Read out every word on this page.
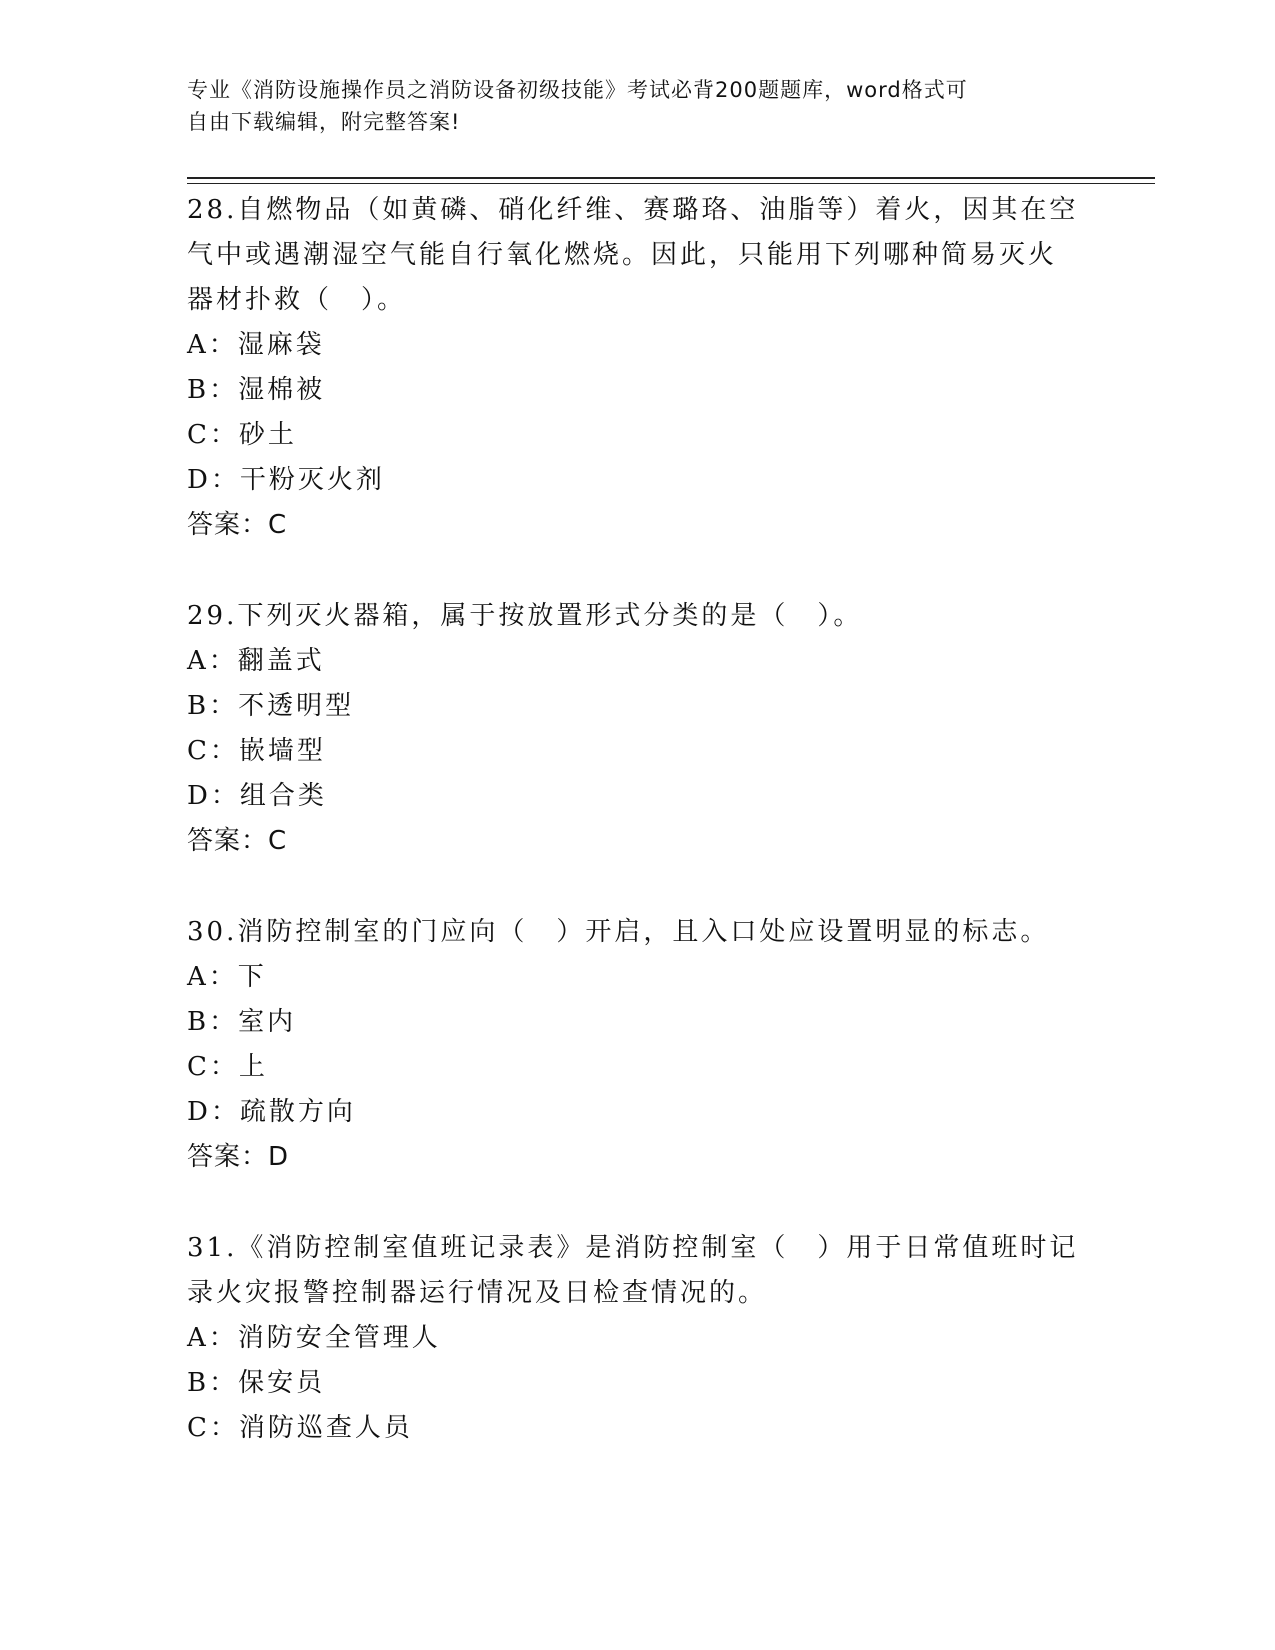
专业《消防设施操作员之消防设备初级技能》考试必背200题题库，word格式可

自由下载编辑，附完整答案!

28.自燃物品（如黄磷、硝化纤维、赛璐珞、油脂等）着火，因其在空

气中或遇潮湿空气能自行氧化燃烧。因此，只能用下列哪种简易灭火

器材扑救（　）。

A：湿麻袋

B：湿棉被

C：砂土

D：干粉灭火剂

答案：C

29.下列灭火器箱，属于按放置形式分类的是（　）。

A：翻盖式

B：不透明型

C：嵌墙型

D：组合类

答案：C

30.消防控制室的门应向（　）开启，且入口处应设置明显的标志。

A：下

B：室内

C：上

D：疏散方向

答案：D

31.《消防控制室值班记录表》是消防控制室（　）用于日常值班时记

录火灾报警控制器运行情况及日检查情况的。

A：消防安全管理人

B：保安员

C：消防巡查人员
